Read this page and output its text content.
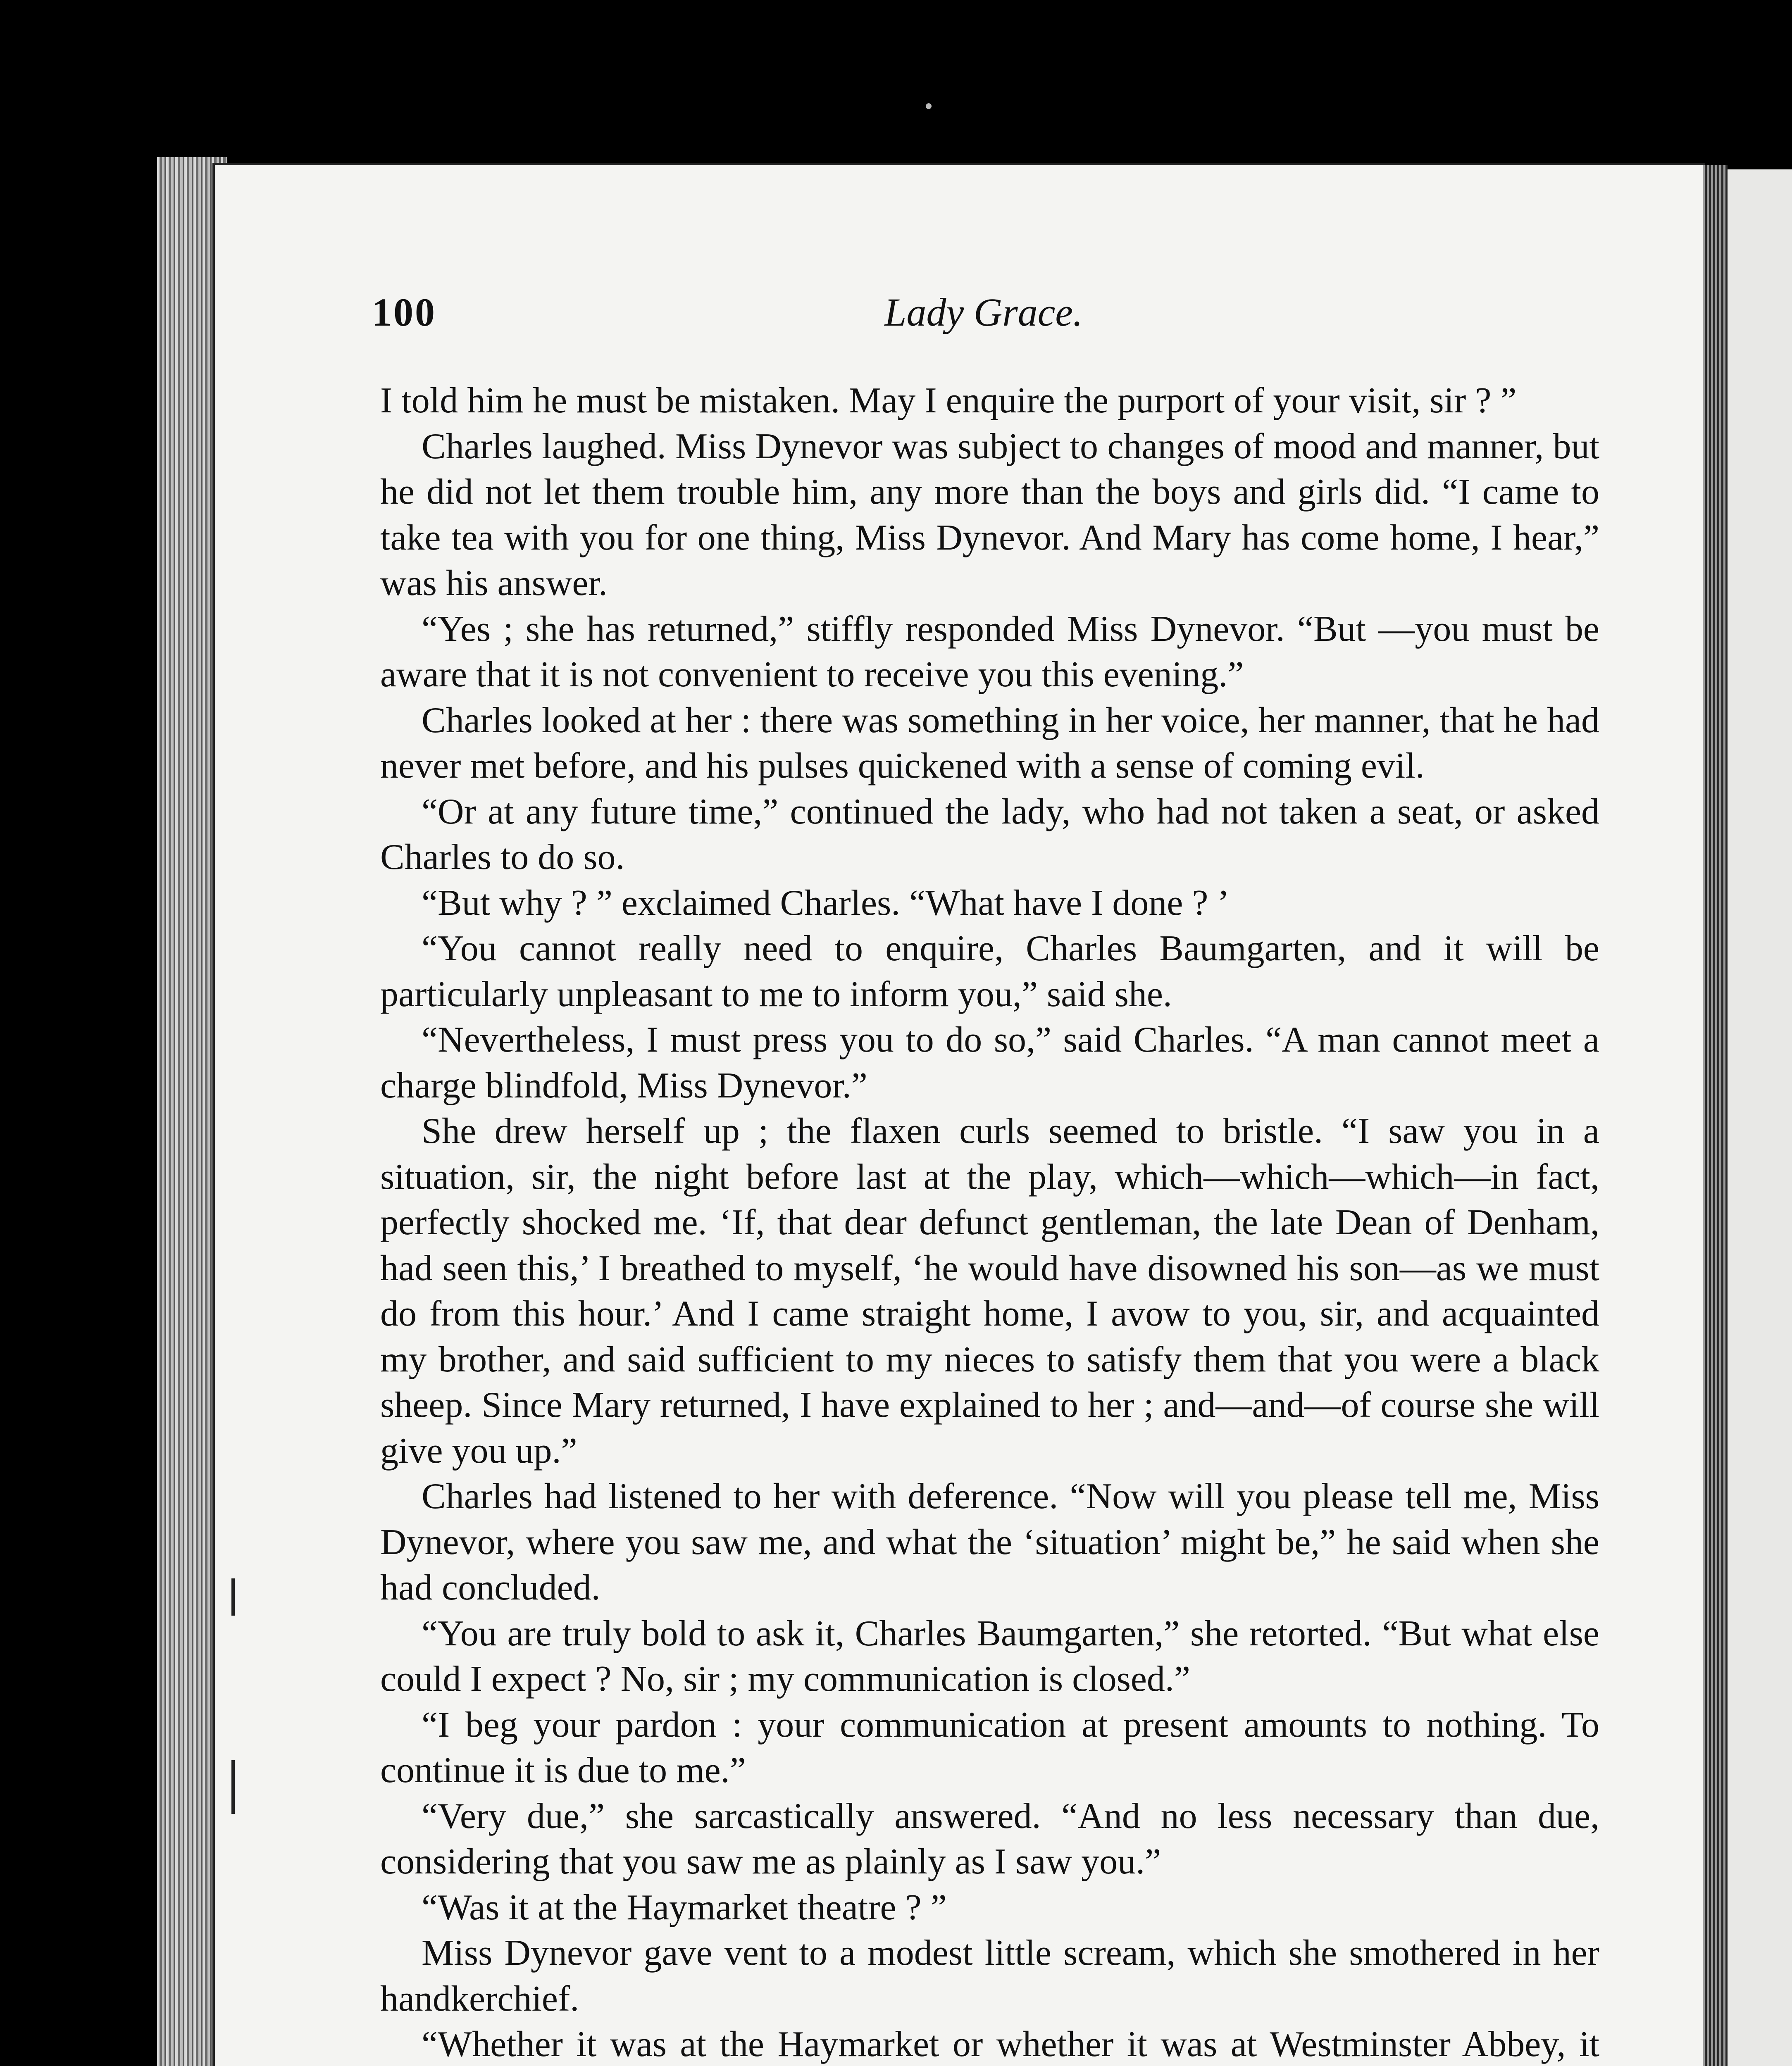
100	Lady Grace.

I told him he must be mistaken. May I enquire the purport of your visit, sir ? ”

Charles laughed. Miss Dynevor was subject to changes of mood and manner, but he did not let them trouble him, any more than the boys and girls did. “I came to take tea with you for one thing, Miss Dynevor. And Mary has come home, I hear,” was his answer.

“Yes ; she has returned,” stiffly responded Miss Dynevor. “But —you must be aware that it is not convenient to receive you this evening.”

Charles looked at her : there was something in her voice, her manner, that he had never met before, and his pulses quickened with a sense of coming evil.

“Or at any future time,” continued the lady, who had not taken a seat, or asked Charles to do so.

“But why ? ” exclaimed Charles. “What have I done ? ’

“You cannot really need to enquire, Charles Baumgarten, and it will be particularly unpleasant to me to inform you,” said she.

“Nevertheless, I must press you to do so,” said Charles. “A man cannot meet a charge blindfold, Miss Dynevor.”

She drew herself up ; the flaxen curls seemed to bristle. “I saw you in a situation, sir, the night before last at the play, which—which—which—in fact, perfectly shocked me. ‘If, that dear defunct gentleman, the late Dean of Denham, had seen this,’ I breathed to myself, ‘he would have disowned his son—as we must do from this hour.’ And I came straight home, I avow to you, sir, and acquainted my brother, and said sufficient to my nieces to satisfy them that you were a black sheep. Since Mary returned, I have explained to her ; and—and—of course she will give you up.”

Charles had listened to her with deference. “Now will you please tell me, Miss Dynevor, where you saw me, and what the ‘situation’ might be,” he said when she had concluded.

“You are truly bold to ask it, Charles Baumgarten,” she retorted. “But what else could I expect ? No, sir ; my communication is closed.”

“I beg your pardon : your communication at present amounts to nothing. To continue it is due to me.”

“Very due,” she sarcastically answered. “And no less necessary than due, considering that you saw me as plainly as I saw you.”

“Was it at the Haymarket theatre ? ”

Miss Dynevor gave vent to a modest little scream, which she smothered in her handkerchief.

“Whether it was at the Haymarket or whether it was at Westminster Abbey, it
